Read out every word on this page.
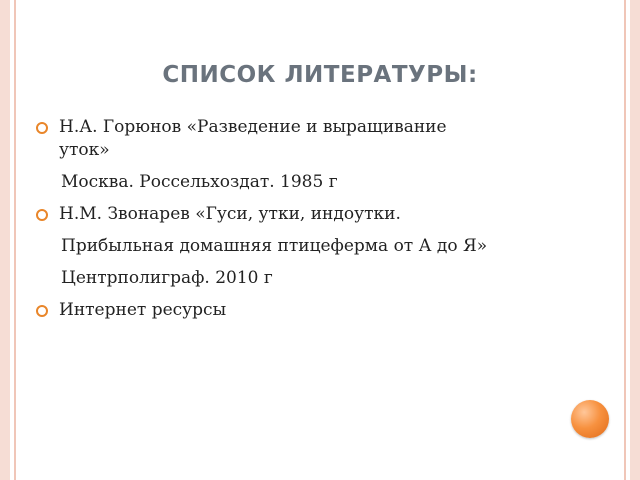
СПИСОК ЛИТЕРАТУРЫ:
Н.А. Горюнов «Разведение и выращивание
уток»
Москва. Россельхоздат. 1985 г
Н.М. Звонарев «Гуси, утки, индоутки.
Прибыльная домашняя птицеферма от А до Я»
Центрполиграф. 2010 г
Интернет ресурсы
